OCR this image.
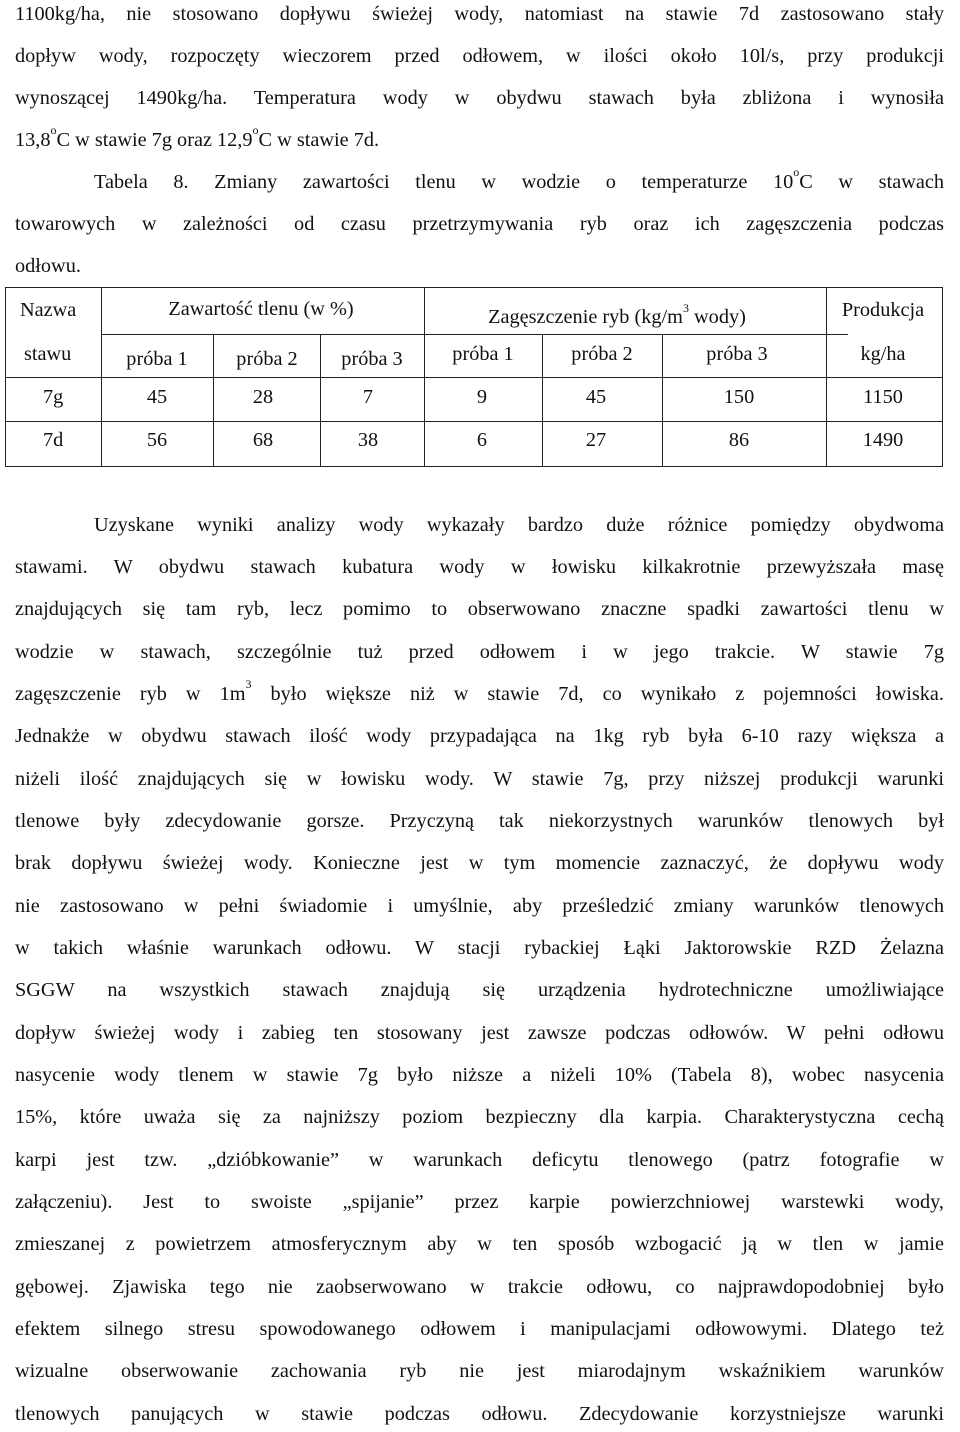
1100kg/ha, nie stosowano dopływu świeżej wody, natomiast na stawie 7d zastosowano stały
dopływ wody, rozpoczęty wieczorem przed odłowem, w ilości około 10l/s, przy produkcji
wynoszącej 1490kg/ha. Temperatura wody w obydwu stawach była zbliżona i wynosiła
13,8$^o$C w stawie 7g oraz 12,9$^o$C w stawie 7d.
Tabela 8. Zmiany zawartości tlenu w wodzie o temperaturze 10$^o$C w stawach
towarowych w zależności od czasu przetrzymywania ryb oraz ich zagęszczenia podczas
odłowu.
Nazwa
stawu
Zawartość tlenu (w %)	Zagęszczenie ryb ($kg/m^3$ wody)	Produkcja
kg/ha
próba 1 próba 2 próba 3 próba 1	próba 2	próba 3
7g	45	28	7	9	45	150	1150
7d	56	68	38	6	27	86	1490
Uzyskane wyniki analizy wody wykazały bardzo duże różnice pomiędzy obydwoma
stawami. W obydwu stawach kubatura wody w łowisku kilkakrotnie przewyższała masę
znajdujących się tam ryb, lecz pomimo to obserwowano znaczne spadki zawartości tlenu w
wodzie w stawach, szczególnie tuż przed odłowem i w jego trakcie. W stawie 7g
zagęszczenie ryb w $1m^3$ było większe niż w stawie 7d, co wynikało z pojemności łowiska.
Jednakże w obydwu stawach ilość wody przypadająca na 1kg ryb była 6-10 razy większa a
niżeli ilość znajdujących się w łowisku wody. W stawie 7g, przy niższej produkcji warunki
tlenowe były zdecydowanie gorsze. Przyczyną tak niekorzystnych warunków tlenowych był
brak dopływu świeżej wody. Konieczne jest w tym momencie zaznaczyć, że dopływu wody
nie zastosowano w pełni świadomie i umyślnie, aby prześledzić zmiany warunków tlenowych
w takich właśnie warunkach odłowu. W stacji rybackiej Łąki Jaktorowskie RZD Żelazna
SGGW na wszystkich stawach znajdują się urządzenia hydrotechniczne umożliwiające
dopływ świeżej wody i zabieg ten stosowany jest zawsze podczas odłowów. W pełni odłowu
nasycenie wody tlenem w stawie 7g było niższe a niżeli 10% (Tabela 8), wobec nasycenia
15%, które uważa się za najniższy poziom bezpieczny dla karpia. Charakterystyczna cechą
karpi jest tzw. „dzióbkowanie” w warunkach deficytu tlenowego (patrz fotografie w
załączeniu). Jest to swoiste „spijanie” przez karpie powierzchniowej warstewki wody,
zmieszanej z powietrzem atmosferycznym aby w ten sposób wzbogacić ją w tlen w jamie
gębowej. Zjawiska tego nie zaobserwowano w trakcie odłowu, co najprawdopodobniej było
efektem silnego stresu spowodowanego odłowem i manipulacjami odłowowymi. Dlatego też
wizualne obserwowanie zachowania ryb nie jest miarodajnym wskaźnikiem warunków
tlenowych panujących w stawie podczas odłowu. Zdecydowanie korzystniejsze warunki
